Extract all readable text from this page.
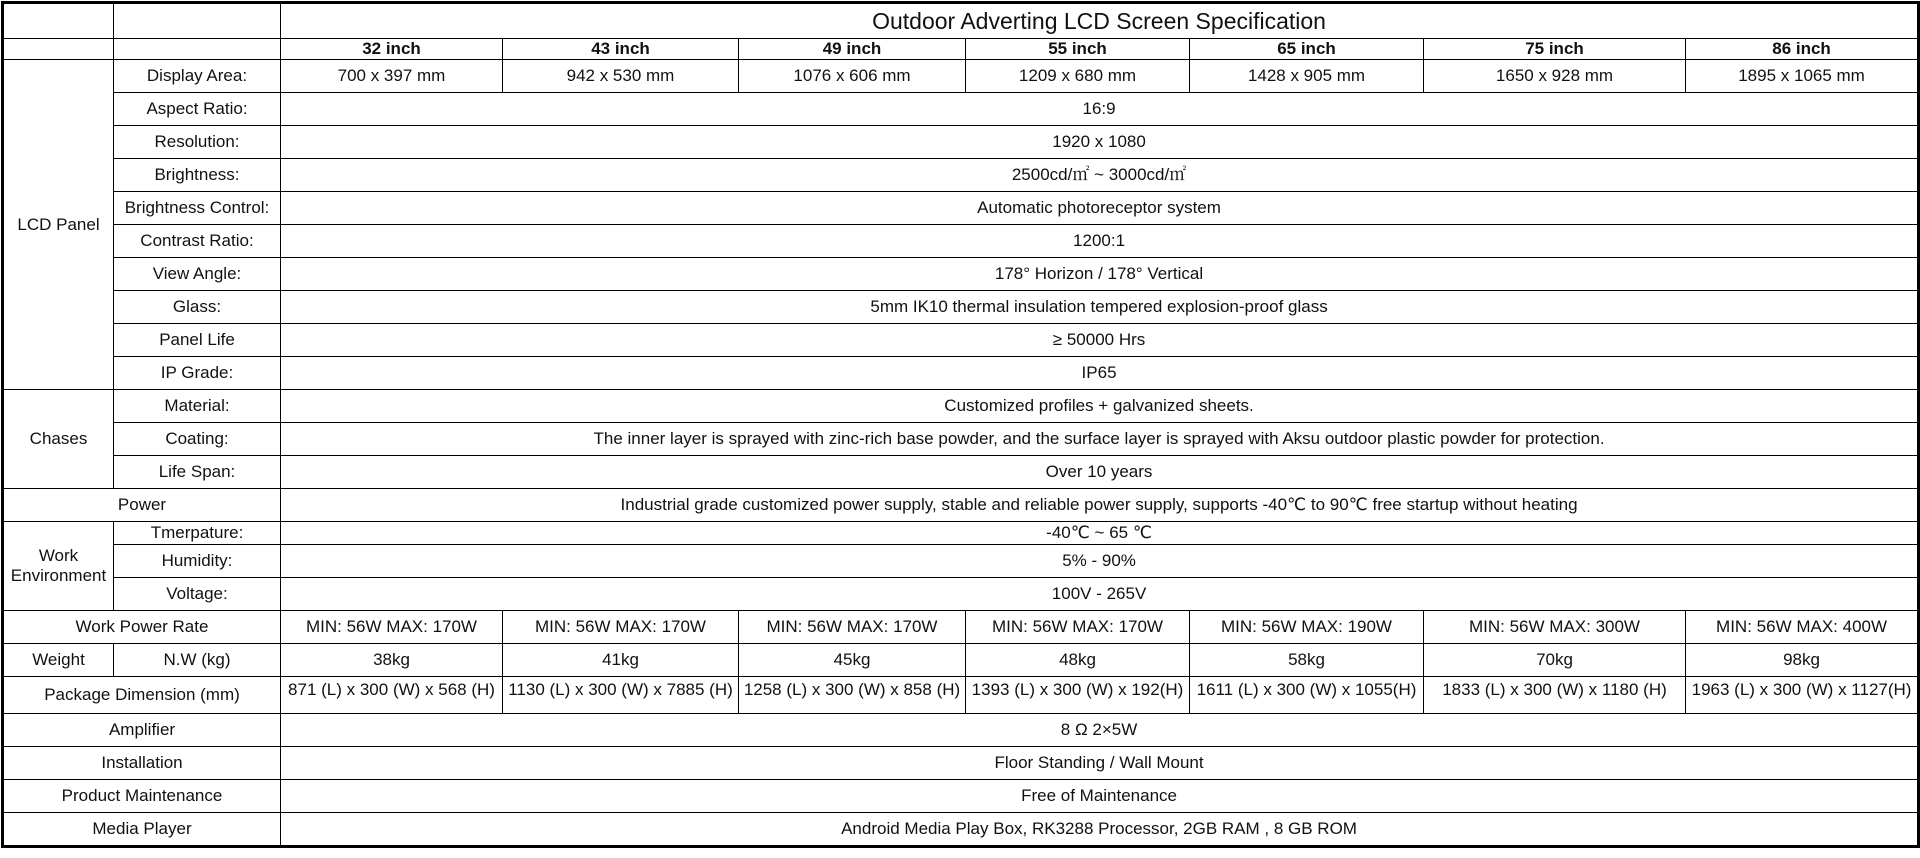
		Outdoor Adverting LCD Screen Specification						
		32 inch	43 inch	49 inch	55 inch	65 inch	75 inch	86 inch
LCD Panel	Display Area:	700 x 397 mm	942 x 530 mm	1076 x 606 mm	1209 x 680 mm	1428 x 905 mm	1650 x 928 mm	1895 x 1065 mm
	Aspect Ratio:	16:9						
	Resolution:	1920 x 1080						
	Brightness:	2500cd/㎡ ~ 3000cd/㎡						
	Brightness Control:	Automatic photoreceptor system						
	Contrast Ratio:	1200:1						
	View Angle:	178° Horizon / 178° Vertical						
	Glass:	5mm IK10 thermal insulation tempered explosion-proof glass						
	Panel Life	≥ 50000 Hrs						
	IP Grade:	IP65						
Chases	Material:	Customized profiles + galvanized sheets.						
	Coating:	The inner layer is sprayed with zinc-rich base powder, and the surface layer is sprayed with Aksu outdoor plastic powder for protection.						
	Life Span:	Over 10 years						
Power		Industrial grade customized power supply, stable and reliable power supply, supports -40℃ to 90℃ free startup without heating						
Work
Environment	Tmerpature:	-40℃ ~ 65 ℃						
	Humidity:	5% - 90%						
	Voltage:	100V - 265V						
Work Power Rate		MIN: 56W MAX: 170W	MIN: 56W MAX: 170W	MIN: 56W MAX: 170W	MIN: 56W MAX: 170W	MIN: 56W MAX: 190W	MIN: 56W MAX: 300W	MIN: 56W MAX: 400W
Weight	N.W (kg)	38kg	41kg	45kg	48kg	58kg	70kg	98kg
Package Dimension (mm)		871 (L) x 300 (W) x 568 (H)	1130 (L) x 300 (W) x 7885 (H)	1258 (L) x 300 (W) x 858 (H)	1393 (L) x 300 (W) x 192(H)	1611 (L) x 300 (W) x 1055(H)	1833 (L) x 300 (W) x 1180 (H)	1963 (L) x 300 (W) x 1127(H)

Amplifier		8 Ω 2×5W						
Installation		Floor Standing / Wall Mount						
Product Maintenance		Free of Maintenance						
Media Player		Android Media Play Box, RK3288 Processor, 2GB RAM , 8 GB ROM						
